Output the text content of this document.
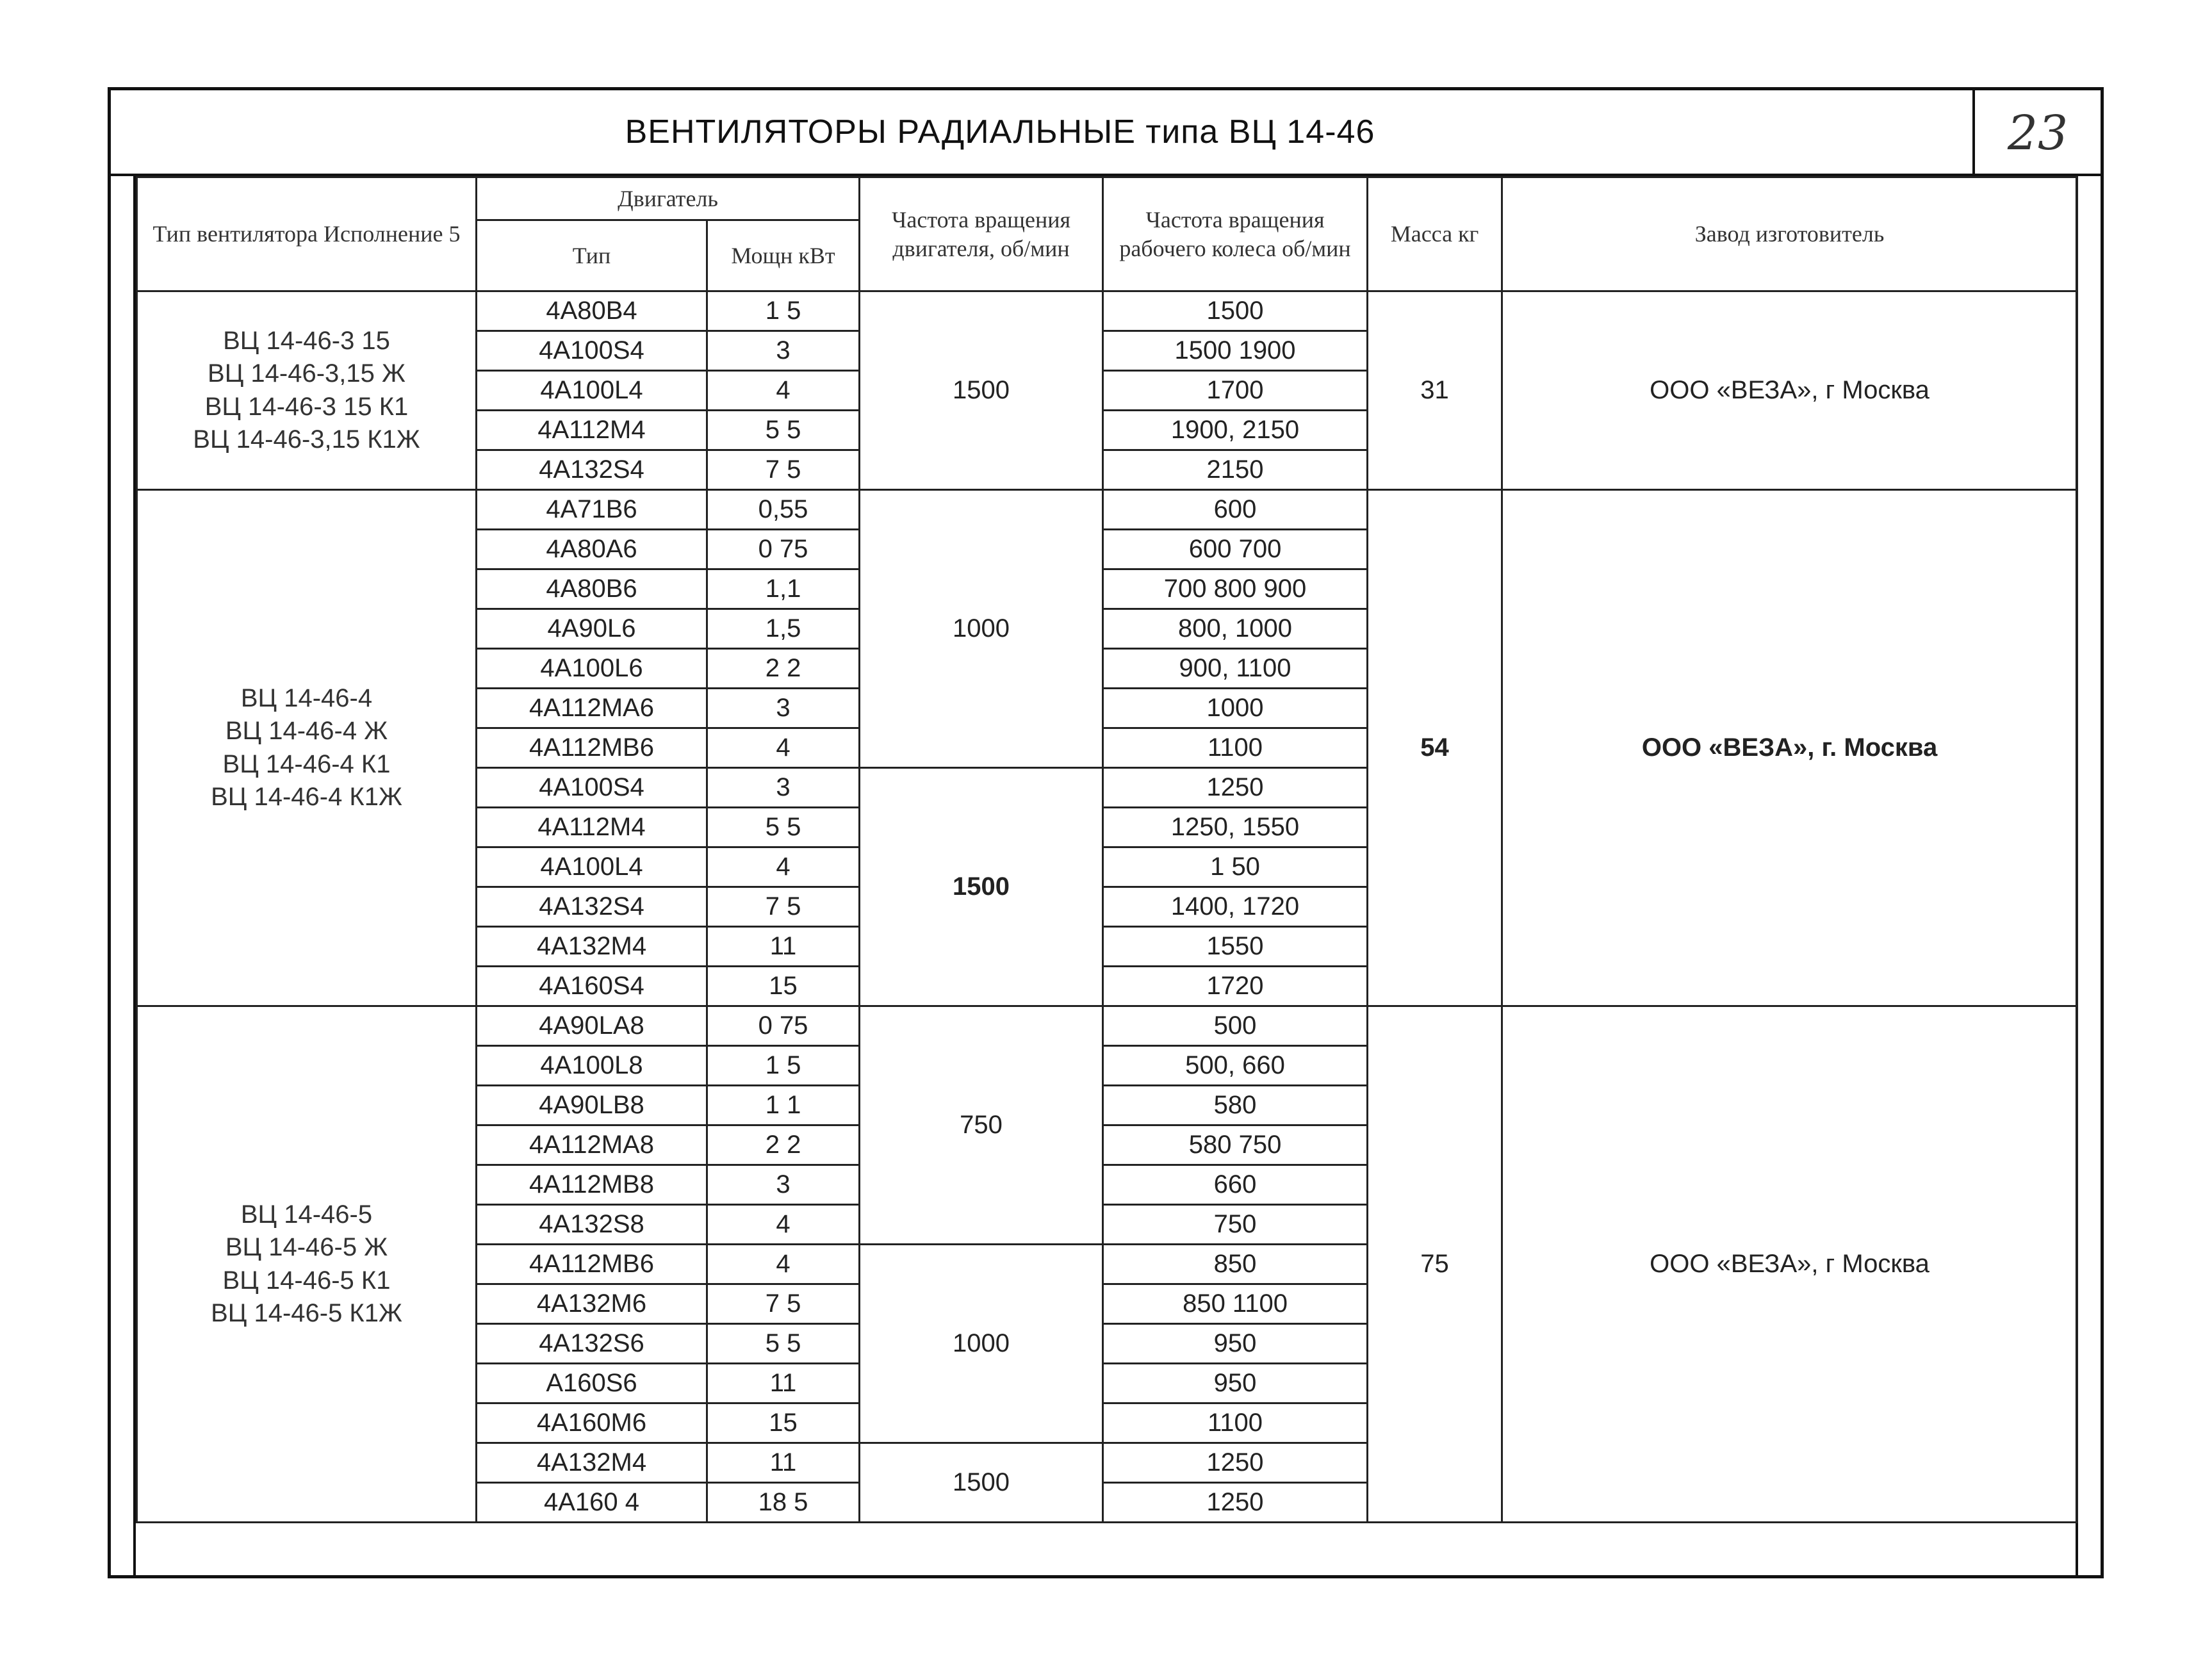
ВЕНТИЛЯТОРЫ РАДИАЛЬНЫЕ типа ВЦ 14-46	23
Тип вентилятора Исполнение 5	Двигатель		Частота вращения двигателя, об/мин	Частота вращения рабочего колеса об/мин	Масса кг	Завод изготовитель
	Тип	Мощн кВт				

ВЦ 14-46-3 15
ВЦ 14-46-3,15 Ж
ВЦ 14-46-3 15 К1
ВЦ 14-46-3,15 К1Ж	4А80В4	1 5	1500	1500	31	ООО «ВЕЗА», г Москва
	4А100S4	3		1500 1900		
	4А100L4	4		1700		
	4А112М4	5 5		1900, 2150		
	4А132S4	7 5		2150		

ВЦ 14-46-4
ВЦ 14-46-4 Ж
ВЦ 14-46-4 К1
ВЦ 14-46-4 К1Ж	4А71В6	0,55	1000	600	54	ООО «ВЕЗА», г. Москва
	4А80А6	0 75		600 700		
	4А80В6	1,1		700 800 900		
	4А90L6	1,5		800, 1000		
	4А100L6	2 2		900, 1100		
	4А112МА6	3		1000		
	4А112МВ6	4		1100		
	4А100S4	3	1500	1250		
	4А112М4	5 5		1250, 1550		
	4А100L4	4		1 50		
	4А132S4	7 5		1400, 1720		
	4А132М4	11		1550		
	4А160S4	15		1720		

ВЦ 14-46-5
ВЦ 14-46-5 Ж
ВЦ 14-46-5 К1
ВЦ 14-46-5 К1Ж	4А90LА8	0 75	750	500	75	ООО «ВЕЗА», г Москва
	4А100L8	1 5		500, 660		
	4А90LВ8	1 1		580		
	4А112МА8	2 2		580 750		
	4А112МВ8	3		660		
	4А132S8	4		750		
	4А112МВ6	4	1000	850		
	4А132М6	7 5		850 1100		
	4А132S6	5 5		950		
	А160S6	11		950		
	4А160М6	15		1100		
	4А132М4	11	1500	1250		
	4А160 4	18 5		1250		
